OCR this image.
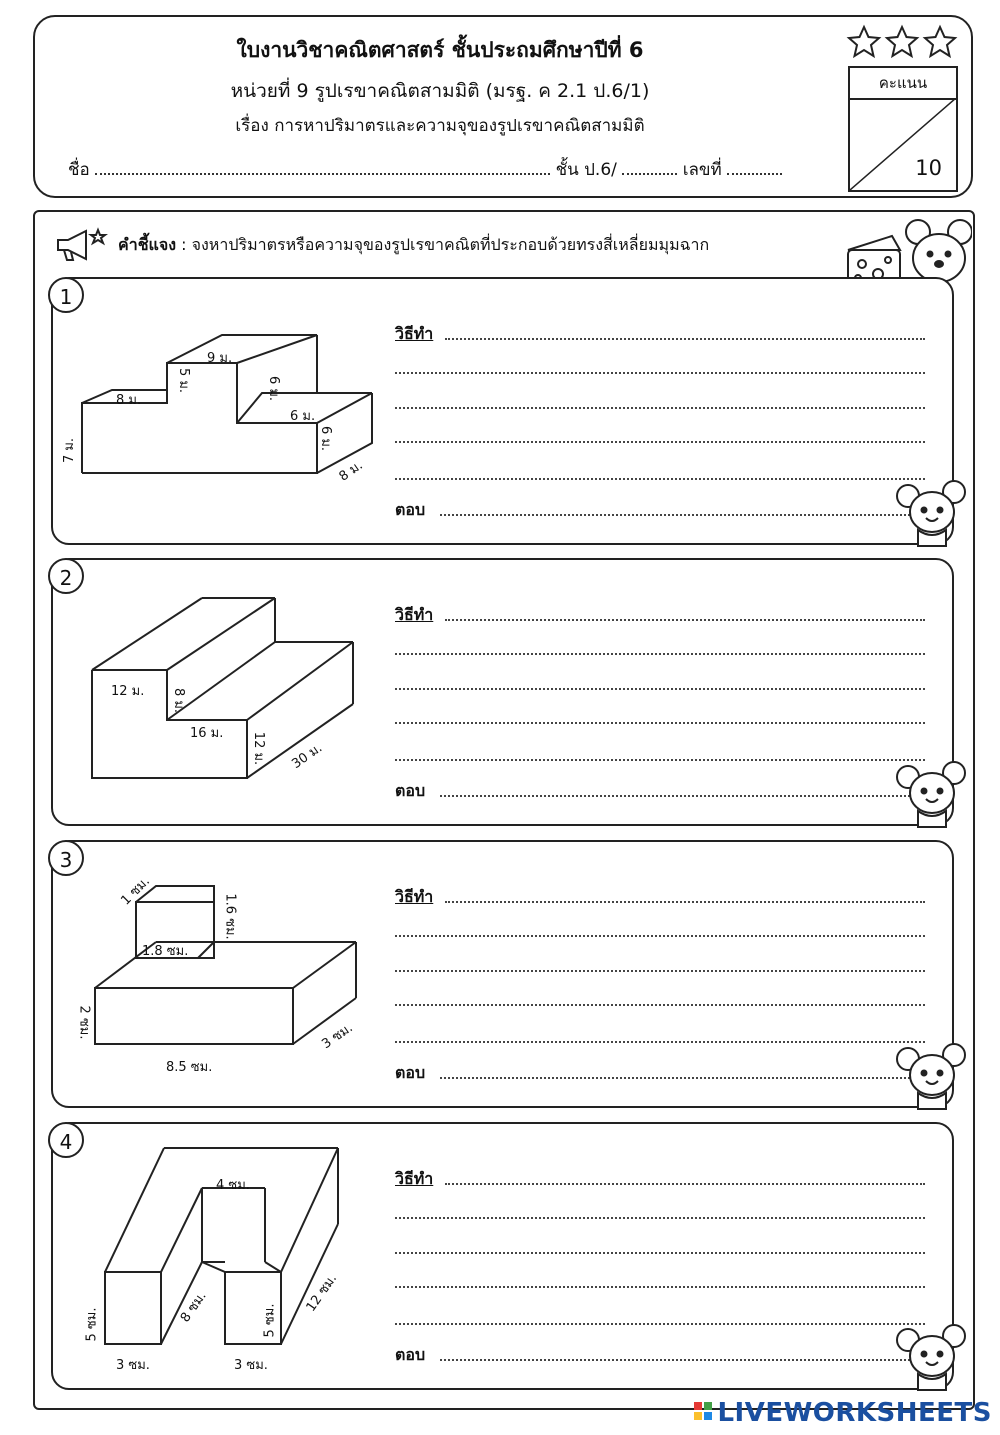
ใบงานวิชาคณิตศาสตร์ ชั้นประถมศึกษาปีที่ 6
หน่วยที่ 9 รูปเรขาคณิตสามมิติ (มรฐ. ค 2.1 ป.6/1)
เรื่อง การหาปริมาตรและความจุของรูปเรขาคณิตสามมิติ
ชื่อ	ชั้น ป.6/	เลขที่
คะแนน
10
คำชี้แจง : จงหาปริมาตรหรือความจุของรูปเรขาคณิตที่ประกอบด้วยทรงสี่เหลี่ยมมุมฉาก
1
9 ม.
5 ม.	6 ม.
8 ม.
6 ม.
7 ม.	6 ม.
8 ม.
วิธีทำ
ตอบ
2
12 ม. 8 ม.
16 ม. 12 ม.	30 ม.
วิธีทำ
ตอบ
3
1 ซม.
1.6 ซม.
1.8 ซม.
2 ซม.	3 ซม.
8.5 ซม.
วิธีทำ
ตอบ
4
4 ซม.
5 ซม.	8 ซม.	5 ซม.
12 ซม.
3 ซม.	3 ซม.
วิธีทำ
ตอบ
LIVEWORKSHEETS
